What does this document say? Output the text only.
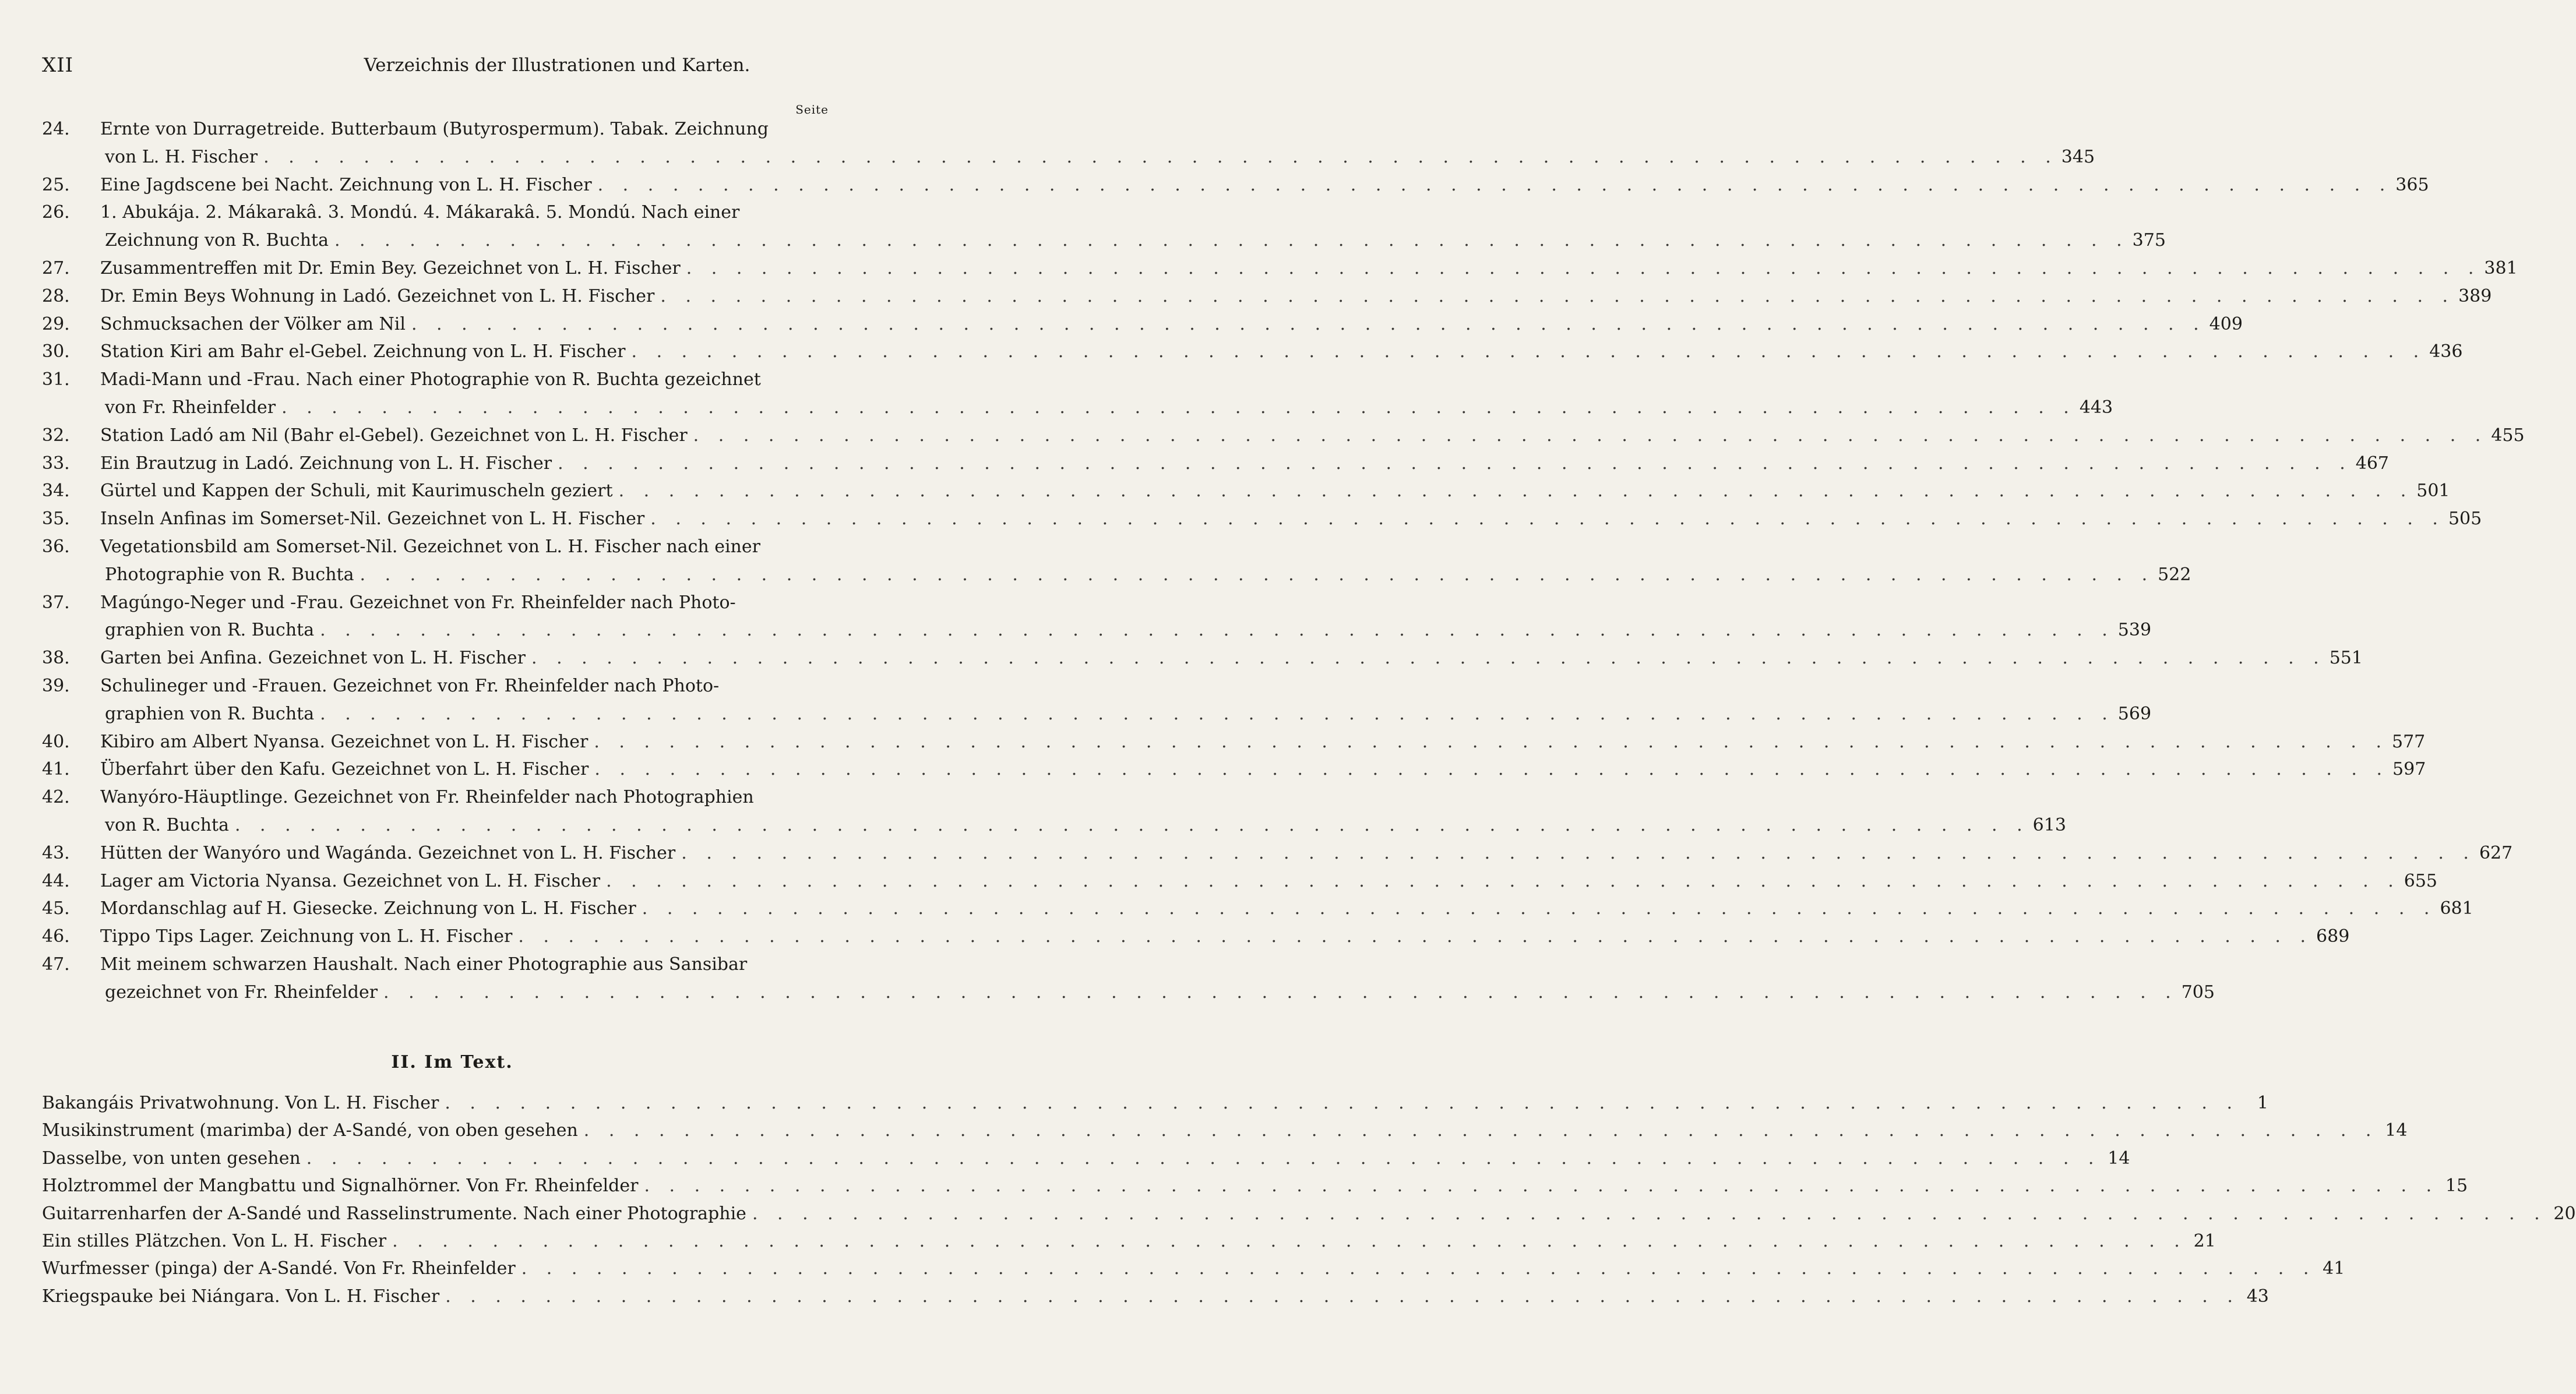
XII	Verzeichnis der Illustrationen und Karten.
Seite
24.	Ernte von Durragetreide. Butterbaum (Butyrospermum). Tabak. Zeichnung
von L. H. Fischer . . .	345
25.	Eine Jagdscene bei Nacht. Zeichnung von L. H. Fischer . . .	365
26.	1. Abukája. 2. Mákarakâ. 3. Mondú. 4. Mákarakâ. 5. Mondú. Nach einer
Zeichnung von R. Buchta . . .	375
27.	Zusammentreffen mit Dr. Emin Bey. Gezeichnet von L. H. Fischer . . .	381
28.	Dr. Emin Beys Wohnung in Ladó. Gezeichnet von L. H. Fischer . . .	389
29.	Schmucksachen der Völker am Nil . . .	409
30.	Station Kiri am Bahr el-Gebel. Zeichnung von L. H. Fischer . . .	436
31.	Madi-Mann und -Frau. Nach einer Photographie von R. Buchta gezeichnet
von Fr. Rheinfelder . . .	443
32.	Station Ladó am Nil (Bahr el-Gebel). Gezeichnet von L. H. Fischer . . .	455
33.	Ein Brautzug in Ladó. Zeichnung von L. H. Fischer . . .	467
34.	Gürtel und Kappen der Schuli, mit Kaurimuscheln geziert . . .	501
35.	Inseln Anfinas im Somerset-Nil. Gezeichnet von L. H. Fischer . . .	505
36.	Vegetationsbild am Somerset-Nil. Gezeichnet von L. H. Fischer nach einer
Photographie von R. Buchta . . .	522
37.	Magúngo-Neger und -Frau. Gezeichnet von Fr. Rheinfelder nach Photo-
graphien von R. Buchta . . .	539
38.	Garten bei Anfina. Gezeichnet von L. H. Fischer . . .	551
39.	Schulineger und -Frauen. Gezeichnet von Fr. Rheinfelder nach Photo-
graphien von R. Buchta . . .	569
40.	Kibiro am Albert Nyansa. Gezeichnet von L. H. Fischer . . .	577
41.	Überfahrt über den Kafu. Gezeichnet von L. H. Fischer . . .	597
42.	Wanyóro-Häuptlinge. Gezeichnet von Fr. Rheinfelder nach Photographien
von R. Buchta . . .	613
43.	Hütten der Wanyóro und Wagánda. Gezeichnet von L. H. Fischer . . .	627
44.	Lager am Victoria Nyansa. Gezeichnet von L. H. Fischer . . .	655
45.	Mordanschlag auf H. Giesecke. Zeichnung von L. H. Fischer . . .	681
46.	Tippo Tips Lager. Zeichnung von L. H. Fischer . . .	689
47.	Mit meinem schwarzen Haushalt. Nach einer Photographie aus Sansibar
gezeichnet von Fr. Rheinfelder . . .	705
II. Im Text.
Bakangáis Privatwohnung. Von L. H. Fischer . . .	1
Musikinstrument (marimba) der A-Sandé, von oben gesehen . . .	14
Dasselbe, von unten gesehen . . .	14
Holztrommel der Mangbattu und Signalhörner. Von Fr. Rheinfelder . . .	15
Guitarrenharfen der A-Sandé und Rasselinstrumente. Nach einer Photographie . . .	20
Ein stilles Plätzchen. Von L. H. Fischer . . .	21
Wurfmesser (pinga) der A-Sandé. Von Fr. Rheinfelder . . .	41
Kriegspauke bei Niángara. Von L. H. Fischer . . .	43
